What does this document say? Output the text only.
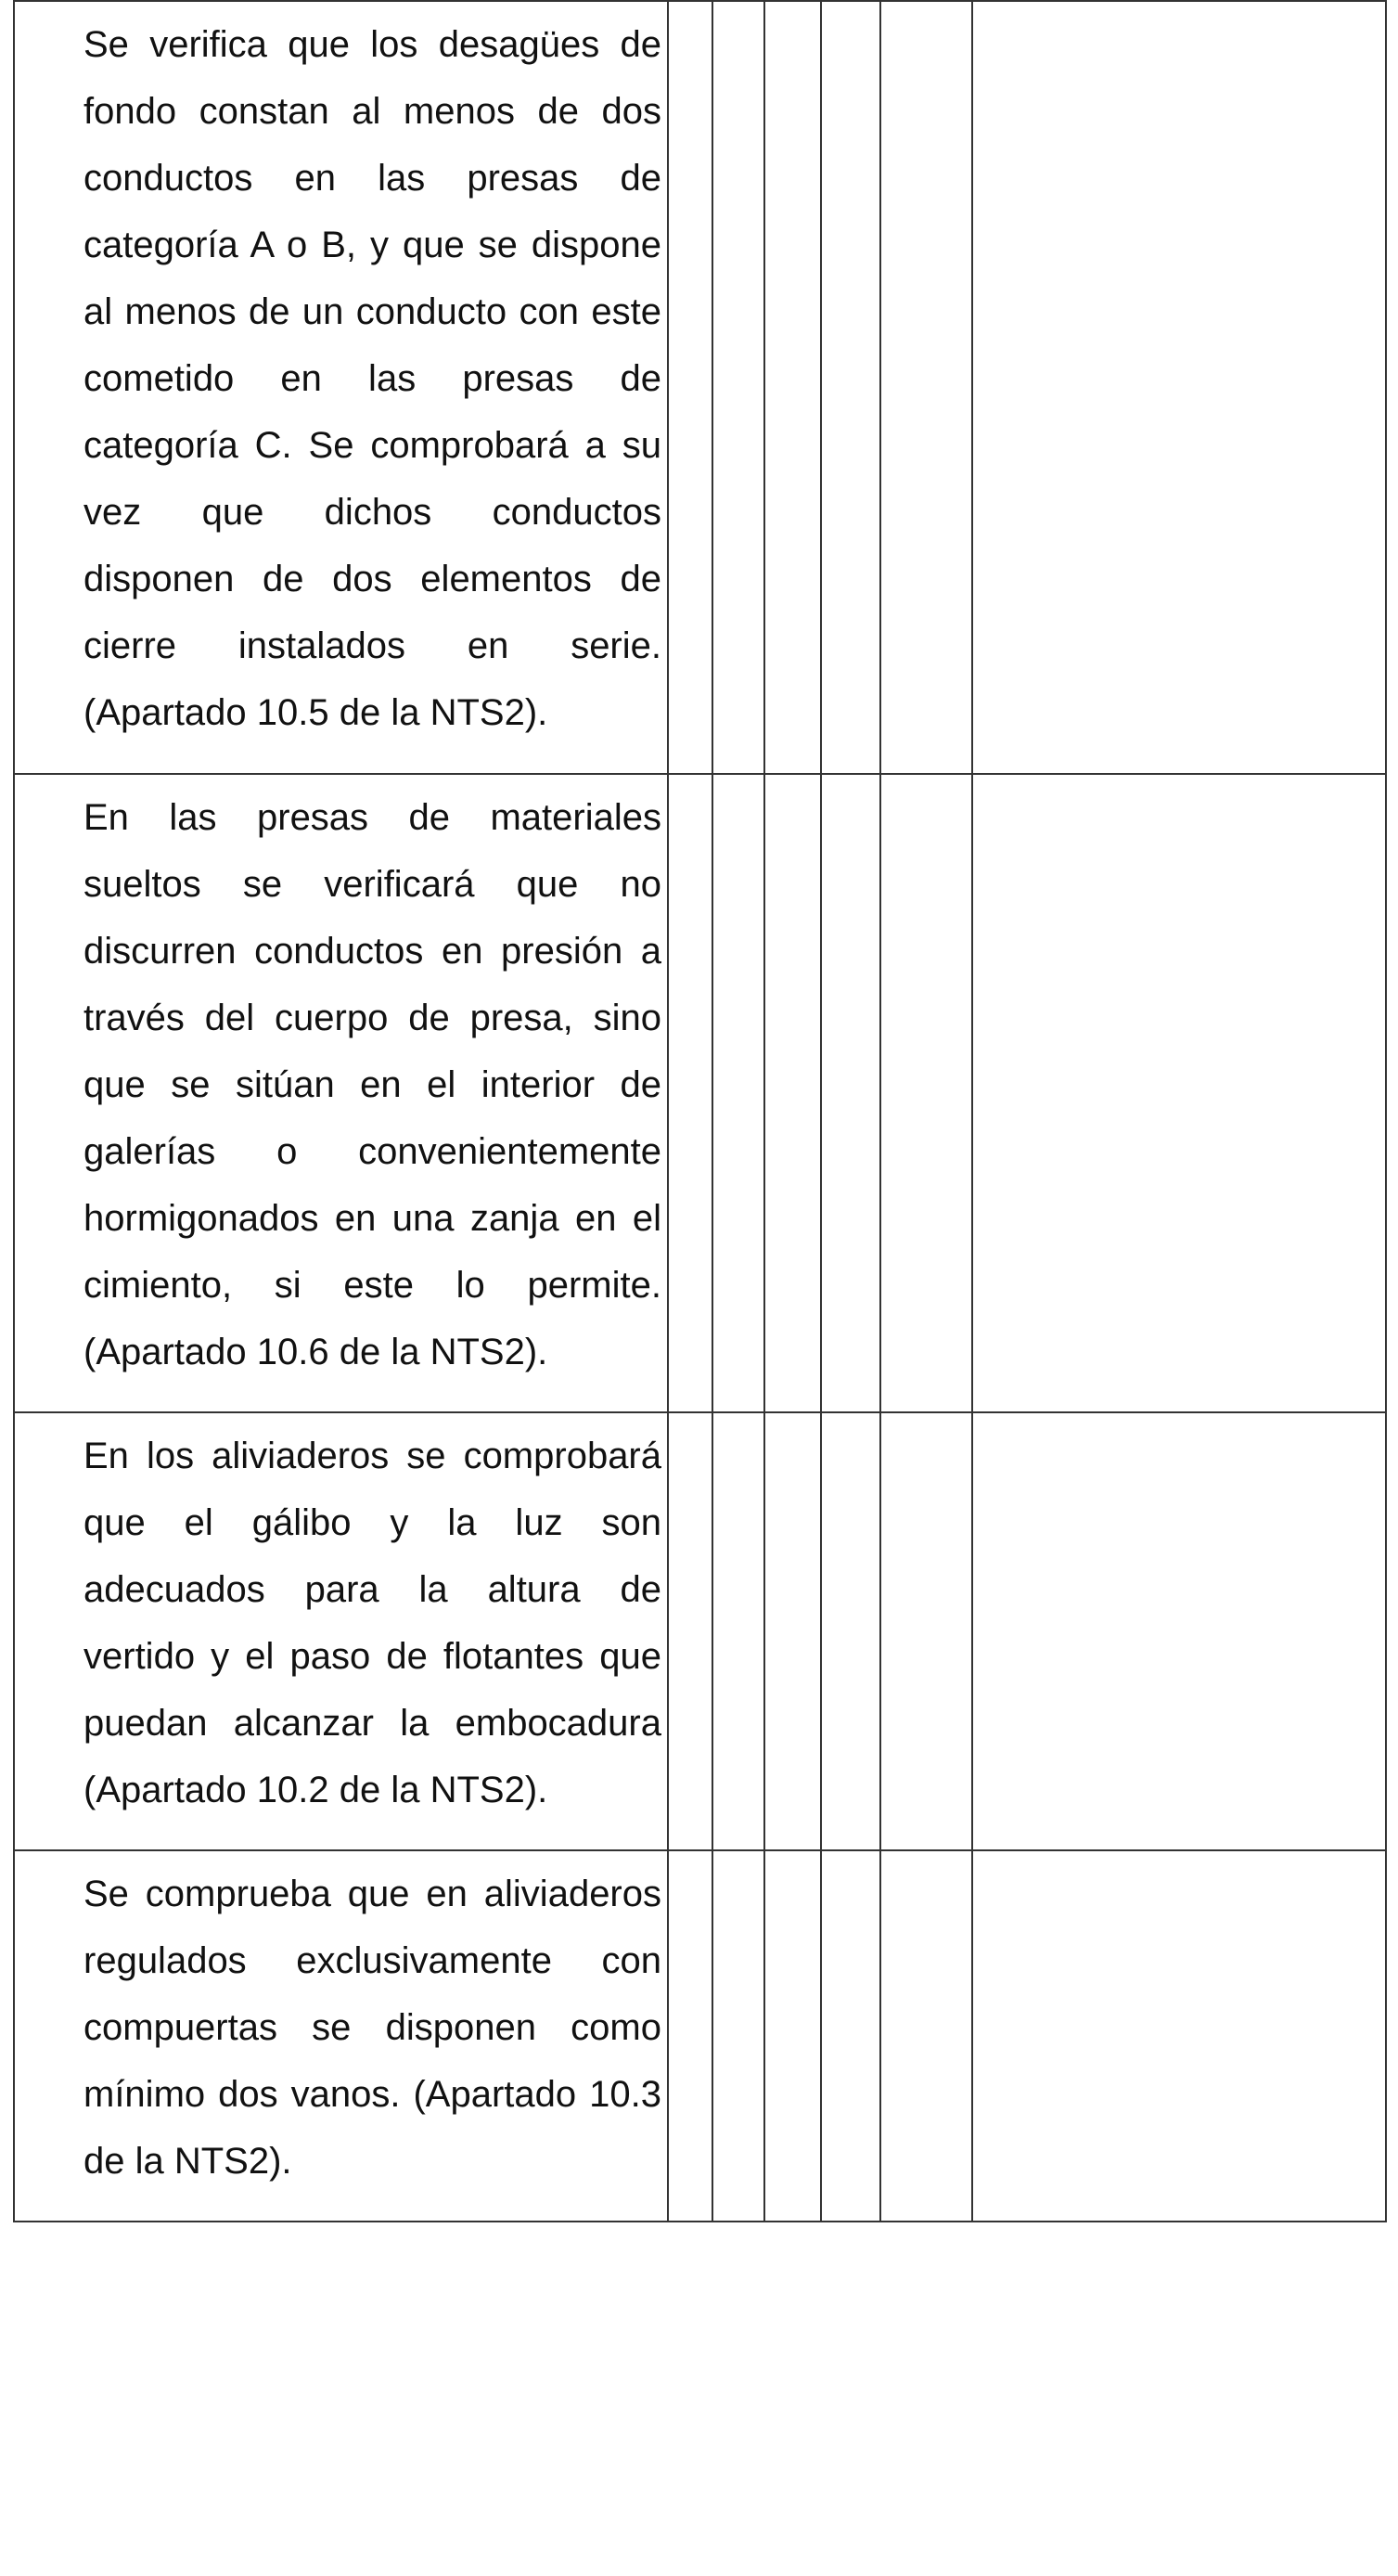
Se verifica que los desagües de fondo constan al menos de dos conductos en las presas de categoría A o B, y que se dispone al menos de un conducto con este cometido en las presas de categoría C. Se comprobará a su vez que dichos conductos disponen de dos elementos de cierre instalados en serie. (Apartado 10.5 de la NTS2).						

En las presas de materiales sueltos se verificará que no discurren conductos en presión a través del cuerpo de presa, sino que se sitúan en el interior de galerías o convenientemente hormigonados en una zanja en el cimiento, si este lo permite. (Apartado 10.6 de la NTS2).						

En los aliviaderos se comprobará que el gálibo y la luz son adecuados para la altura de vertido y el paso de flotantes que puedan alcanzar la embocadura (Apartado 10.2 de la NTS2).						

Se comprueba que en aliviaderos regulados exclusivamente con compuertas se disponen como mínimo dos vanos. (Apartado 10.3 de la NTS2).						
